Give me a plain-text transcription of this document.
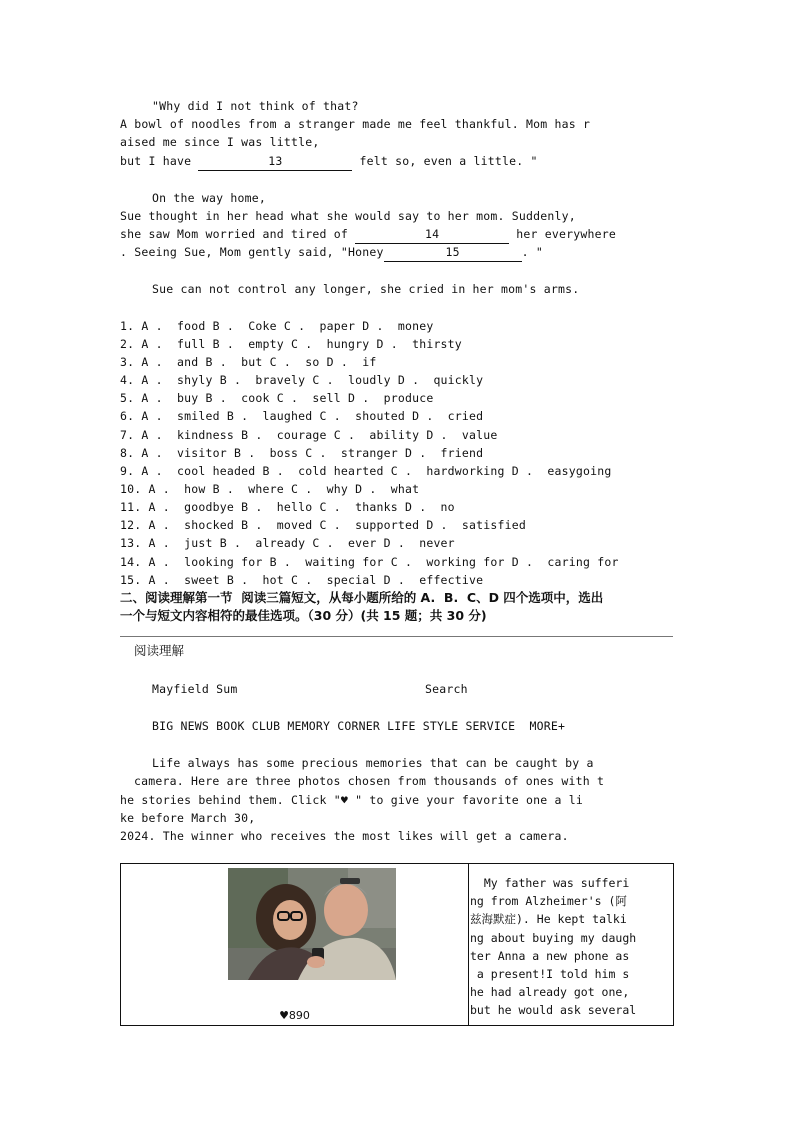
"Why did I not think of that?
A bowl of noodles from a stranger made me feel thankful. Mom has r
aised me since I was little,
but I have	13	felt so, even a little. "
On the way home,
Sue thought in her head what she would say to her mom. Suddenly,
she saw Mom worried and tired of	14	her everywhere
. Seeing Sue, Mom gently said, "Honey	15	. "
Sue can not control any longer, she cried in her mom's arms.
1. A .  food B .  Coke C .  paper D .  money
2. A .  full B .  empty C .  hungry D .  thirsty
3. A .  and B .  but C .  so D .  if
4. A .  shyly B .  bravely C .  loudly D .  quickly
5. A .  buy B .  cook C .  sell D .  produce
6. A .  smiled B .  laughed C .  shouted D .  cried
7. A .  kindness B .  courage C .  ability D .  value
8. A .  visitor B .  boss C .  stranger D .  friend
9. A .  cool headed B .  cold hearted C .  hardworking D .  easygoing
10. A .  how B .  where C .  why D .  what
11. A .  goodbye B .  hello C .  thanks D .  no
12. A .  shocked B .  moved C .  supported D .  satisfied
13. A .  just B .  already C .  ever D .  never
14. A .  looking for B .  waiting for C .  working for D .  caring for
15. A .  sweet B .  hot C .  special D .  effective
二、阅读理解第一节  阅读三篇短文，从每小题所给的 A.  B.  C、D 四个选项中，选出
一个与短文内容相符的最佳选项。（30 分）(共 15 题；共 30 分)
阅读理解
Mayfield Sum	Search
BIG NEWS BOOK CLUB MEMORY CORNER LIFE STYLE SERVICE  MORE+
Life always has some precious memories that can be caught by a
camera. Here are three photos chosen from thousands of ones with t
he stories behind them. Click "♥ " to give your favorite one a li
ke before March 30,
2024. The winner who receives the most likes will get a camera.
♥890
My father was sufferi
ng from Alzheimer's (阿
兹海默症). He kept talki
ng about buying my daugh
ter Anna a new phone as
a present!I told him s
he had already got one,
but he would ask several
